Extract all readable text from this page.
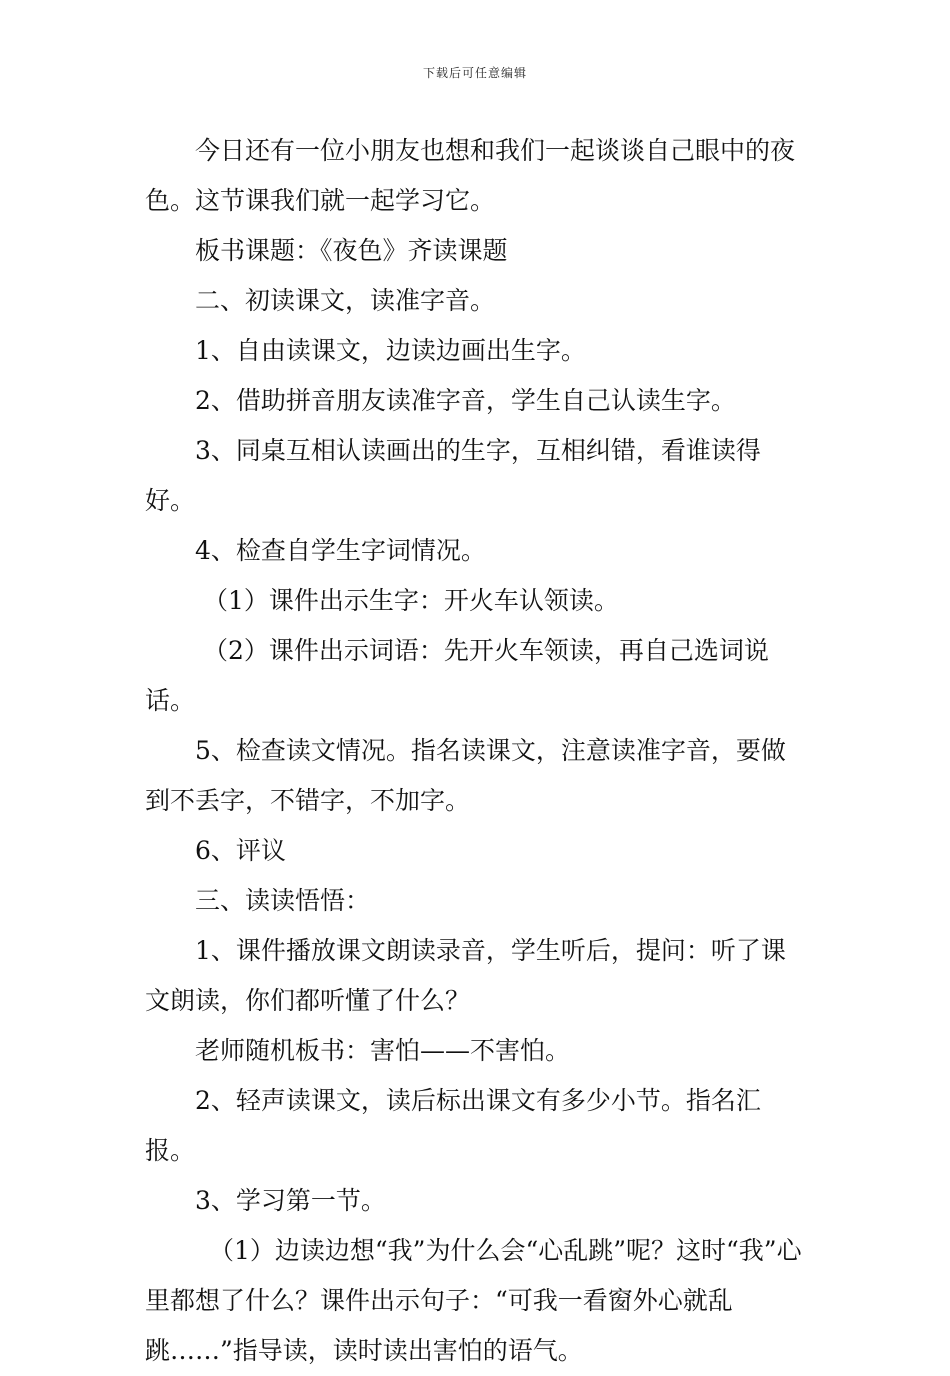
下载后可任意编辑

今日还有一位小朋友也想和我们一起谈谈自己眼中的夜色。这节课我们就一起学习它。

板书课题：《夜色》齐读课题

二、初读课文，读准字音。

1、自由读课文，边读边画出生字。

2、借助拼音朋友读准字音，学生自己认读生字。

3、同桌互相认读画出的生字，互相纠错，看谁读得好。

4、检查自学生字词情况。

（1）课件出示生字：开火车认领读。

（2）课件出示词语：先开火车领读，再自己选词说话。

5、检查读文情况。指名读课文，注意读准字音，要做到不丢字，不错字，不加字。

6、评议

三、读读悟悟：

1、课件播放课文朗读录音，学生听后，提问：听了课文朗读，你们都听懂了什么？

老师随机板书：害怕——不害怕。

2、轻声读课文，读后标出课文有多少小节。指名汇报。

3、学习第一节。

（1）边读边想“我”为什么会“心乱跳”呢？这时“我”心里都想了什么？课件出示句子：“可我一看窗外心就乱跳……”指导读，读时读出害怕的语气。
